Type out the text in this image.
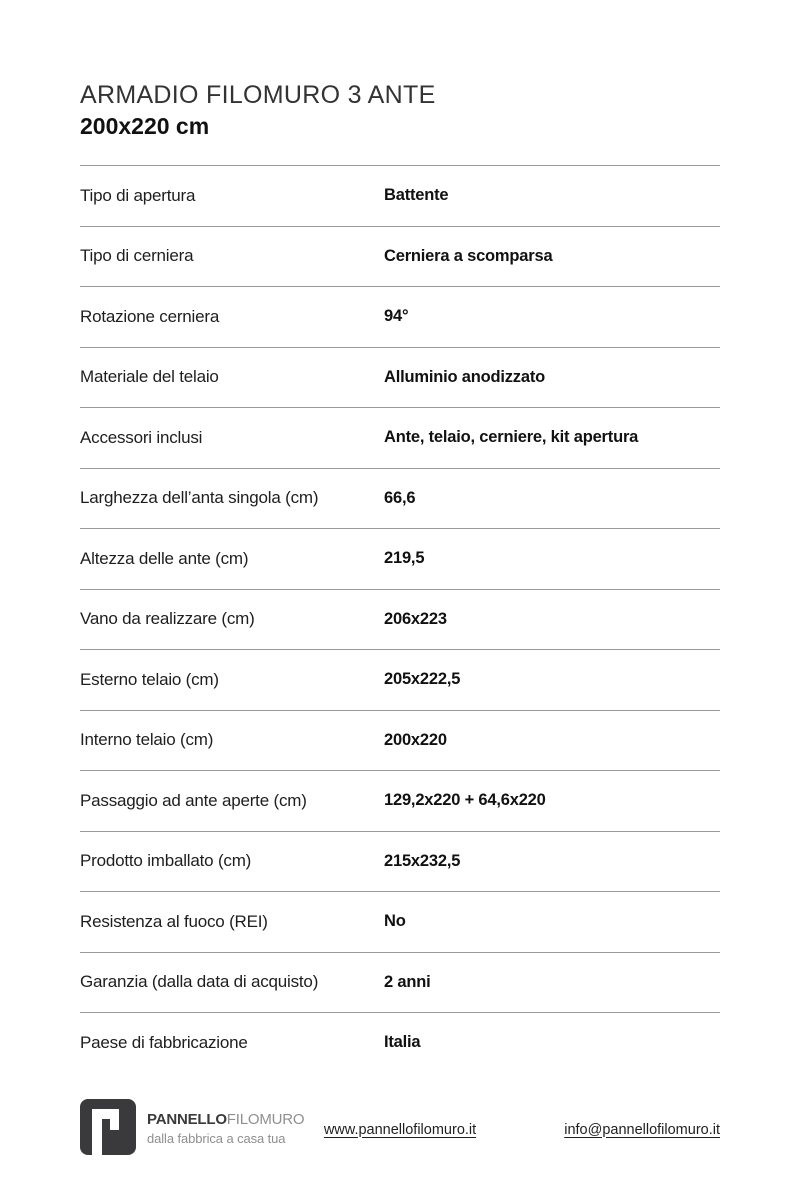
ARMADIO FILOMURO 3 ANTE
200x220 cm
Tipo di apertura	Battente
Tipo di cerniera	Cerniera a scomparsa
Rotazione cerniera	94°
Materiale del telaio	Alluminio anodizzato
Accessori inclusi	Ante, telaio, cerniere, kit apertura
Larghezza dell’anta singola (cm)	66,6
Altezza delle ante (cm)	219,5
Vano da realizzare (cm)	206x223
Esterno telaio (cm)	205x222,5
Interno telaio (cm)	200x220
Passaggio ad ante aperte (cm)	129,2x220 + 64,6x220
Prodotto imballato (cm)	215x232,5
Resistenza al fuoco (REI)	No
Garanzia (dalla data di acquisto)	2 anni
Paese di fabbricazione	Italia
PANNELLOFILOMURO
dalla fabbrica a casa tua
www.pannellofilomuro.it	info@pannellofilomuro.it
